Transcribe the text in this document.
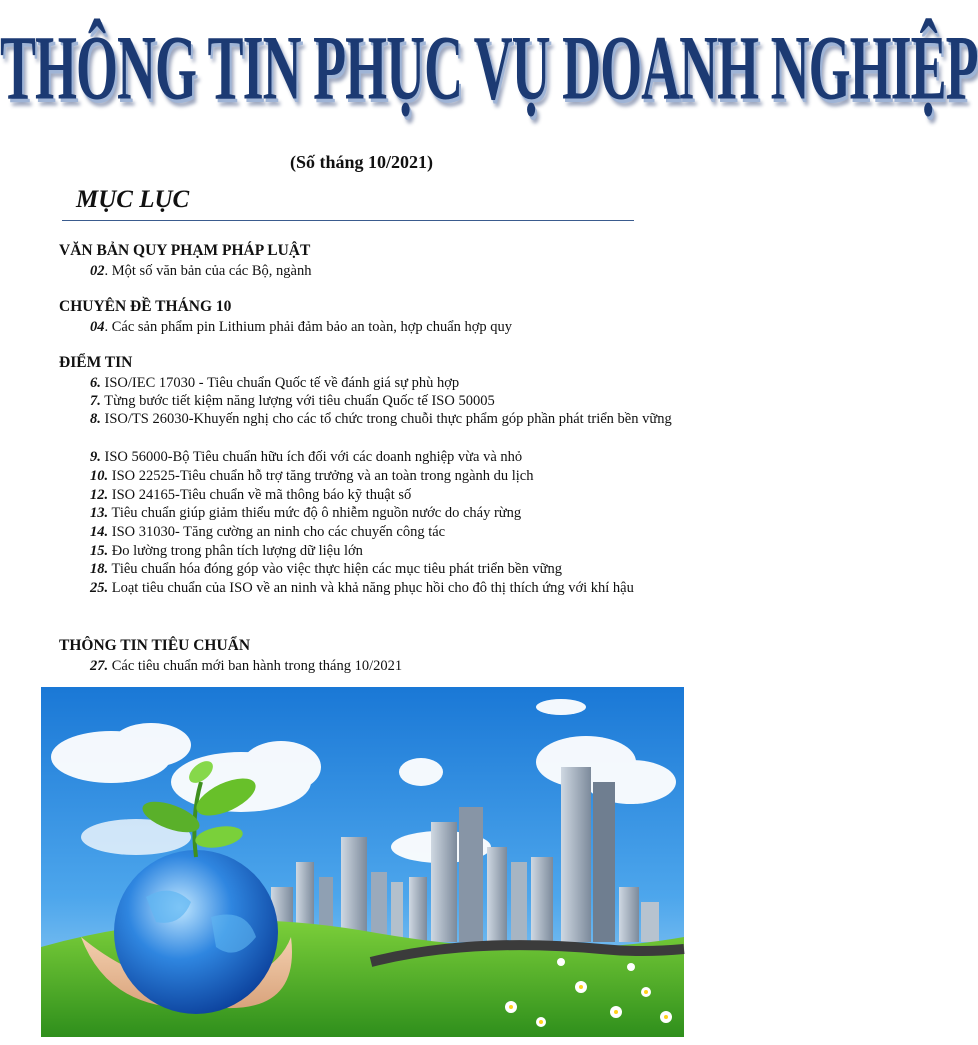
THÔNG TIN PHỤC VỤ DOANH NGHIỆP
(Số tháng 10/2021)
MỤC LỤC
VĂN BẢN QUY PHẠM PHÁP LUẬT
02. Một số văn bản của các Bộ, ngành
CHUYÊN ĐỀ THÁNG 10
04. Các sản phẩm pin Lithium phải đảm bảo an toàn, hợp chuẩn hợp quy
ĐIỂM TIN
6. ISO/IEC 17030 - Tiêu chuẩn Quốc tế về đánh giá sự phù hợp
7. Từng bước tiết kiệm năng lượng với tiêu chuẩn Quốc tế ISO 50005
8. ISO/TS 26030-Khuyến nghị cho các tổ chức trong chuỗi thực phẩm góp phần phát triển bền vững
9. ISO 56000-Bộ Tiêu chuẩn hữu ích đối với các doanh nghiệp vừa và nhỏ
10. ISO 22525-Tiêu chuẩn hỗ trợ tăng trưởng và an toàn trong ngành du lịch
12. ISO 24165-Tiêu chuẩn về mã thông báo kỹ thuật số
13. Tiêu chuẩn giúp giảm thiểu mức độ ô nhiễm nguồn nước do cháy rừng
14. ISO 31030- Tăng cường an ninh cho các chuyến công tác
15. Đo lường trong phân tích lượng dữ liệu lớn
18. Tiêu chuẩn hóa đóng góp vào việc thực hiện các mục tiêu phát triển bền vững
25. Loạt tiêu chuẩn của ISO về an ninh và khả năng phục hồi cho đô thị thích ứng với khí hậu
THÔNG TIN TIÊU CHUẨN
27. Các tiêu chuẩn mới ban hành trong tháng 10/2021
